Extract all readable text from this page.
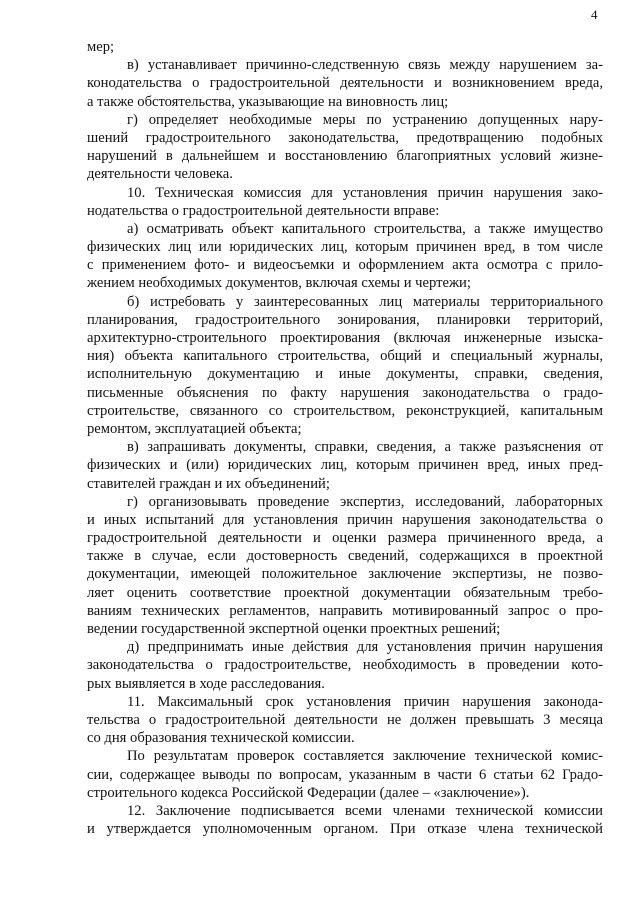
4
мер;
в) устанавливает причинно-следственную связь между нарушением за-
конодательства о градостроительной деятельности и возникновением вреда,
а также обстоятельства, указывающие на виновность лиц;
г) определяет необходимые меры по устранению допущенных нару-
шений градостроительного законодательства, предотвращению подобных
нарушений в дальнейшем и восстановлению благоприятных условий жизне-
деятельности человека.
10. Техническая комиссия для установления причин нарушения зако-
нодательства о градостроительной деятельности вправе:
а) осматривать объект капитального строительства, а также имущество
физических лиц или юридических лиц, которым причинен вред, в том числе
с применением фото- и видеосъемки и оформлением акта осмотра с прило-
жением необходимых документов, включая схемы и чертежи;
б) истребовать у заинтересованных лиц материалы территориального
планирования, градостроительного зонирования, планировки территорий,
архитектурно-строительного проектирования (включая инженерные изыска-
ния) объекта капитального строительства, общий и специальный журналы,
исполнительную документацию и иные документы, справки, сведения,
письменные объяснения по факту нарушения законодательства о градо-
строительстве, связанного со строительством, реконструкцией, капитальным
ремонтом, эксплуатацией объекта;
в) запрашивать документы, справки, сведения, а также разъяснения от
физических и (или) юридических лиц, которым причинен вред, иных пред-
ставителей граждан и их объединений;
г) организовывать проведение экспертиз, исследований, лабораторных
и иных испытаний для установления причин нарушения законодательства о
градостроительной деятельности и оценки размера причиненного вреда, а
также в случае, если достоверность сведений, содержащихся в проектной
документации, имеющей положительное заключение экспертизы, не позво-
ляет оценить соответствие проектной документации обязательным требо-
ваниям технических регламентов, направить мотивированный запрос о про-
ведении государственной экспертной оценки проектных решений;
д) предпринимать иные действия для установления причин нарушения
законодательства о градостроительстве, необходимость в проведении кото-
рых выявляется в ходе расследования.
11. Максимальный срок установления причин нарушения законода-
тельства о градостроительной деятельности не должен превышать 3 месяца
со дня образования технической комиссии.
По результатам проверок составляется заключение технической комис-
сии, содержащее выводы по вопросам, указанным в части 6 статьи 62 Градо-
строительного кодекса Российской Федерации (далее – «заключение»).
12. Заключение подписывается всеми членами технической комиссии
и утверждается уполномоченным органом. При отказе члена технической
